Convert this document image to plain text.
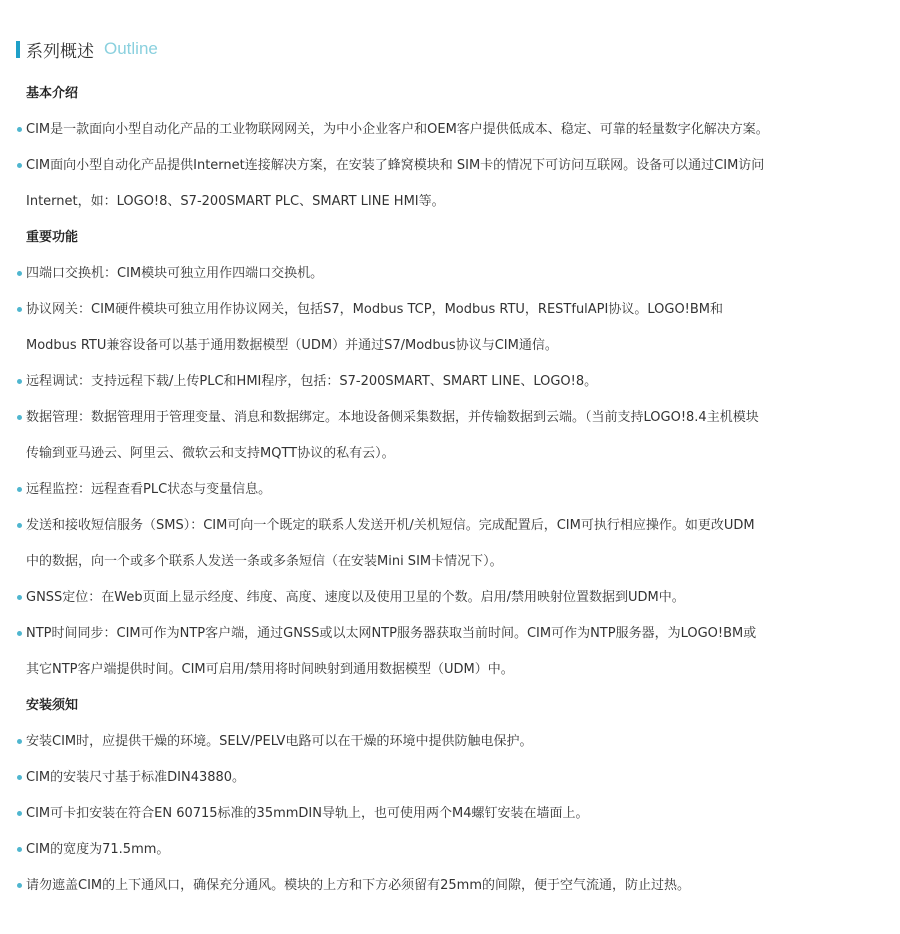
系列概述 Outline
基本介绍
CIM是一款面向小型自动化产品的工业物联网网关，为中小企业客户和OEM客户提供低成本、稳定、可靠的轻量数字化解决方案。
CIM面向小型自动化产品提供Internet连接解决方案，在安装了蜂窝模块和 SIM卡的情况下可访问互联网。设备可以通过CIM访问
Internet，如：LOGO!8、S7-200SMART PLC、SMART LINE HMI等。
重要功能
四端口交换机：CIM模块可独立用作四端口交换机。
协议网关：CIM硬件模块可独立用作协议网关，包括S7，Modbus TCP，Modbus RTU，RESTfulAPI协议。LOGO!BM和
Modbus RTU兼容设备可以基于通用数据模型（UDM）并通过S7/Modbus协议与CIM通信。
远程调试：支持远程下载/上传PLC和HMI程序，包括：S7-200SMART、SMART LINE、LOGO!8。
数据管理：数据管理用于管理变量、消息和数据绑定。本地设备侧采集数据，并传输数据到云端。（当前支持LOGO!8.4主机模块
传输到亚马逊云、阿里云、微软云和支持MQTT协议的私有云）。
远程监控：远程查看PLC状态与变量信息。
发送和接收短信服务（SMS）：CIM可向一个既定的联系人发送开机/关机短信。完成配置后，CIM可执行相应操作。如更改UDM
中的数据，向一个或多个联系人发送一条或多条短信（在安装Mini SIM卡情况下）。
GNSS定位：在Web页面上显示经度、纬度、高度、速度以及使用卫星的个数。启用/禁用映射位置数据到UDM中。
NTP时间同步：CIM可作为NTP客户端，通过GNSS或以太网NTP服务器获取当前时间。CIM可作为NTP服务器，为LOGO!BM或
其它NTP客户端提供时间。CIM可启用/禁用将时间映射到通用数据模型（UDM）中。
安装须知
安装CIM时，应提供干燥的环境。SELV/PELV电路可以在干燥的环境中提供防触电保护。
CIM的安装尺寸基于标准DIN43880。
CIM可卡扣安装在符合EN 60715标准的35mmDIN导轨上，也可使用两个M4螺钉安装在墙面上。
CIM的宽度为71.5mm。
请勿遮盖CIM的上下通风口，确保充分通风。模块的上方和下方必须留有25mm的间隙，便于空气流通，防止过热。
